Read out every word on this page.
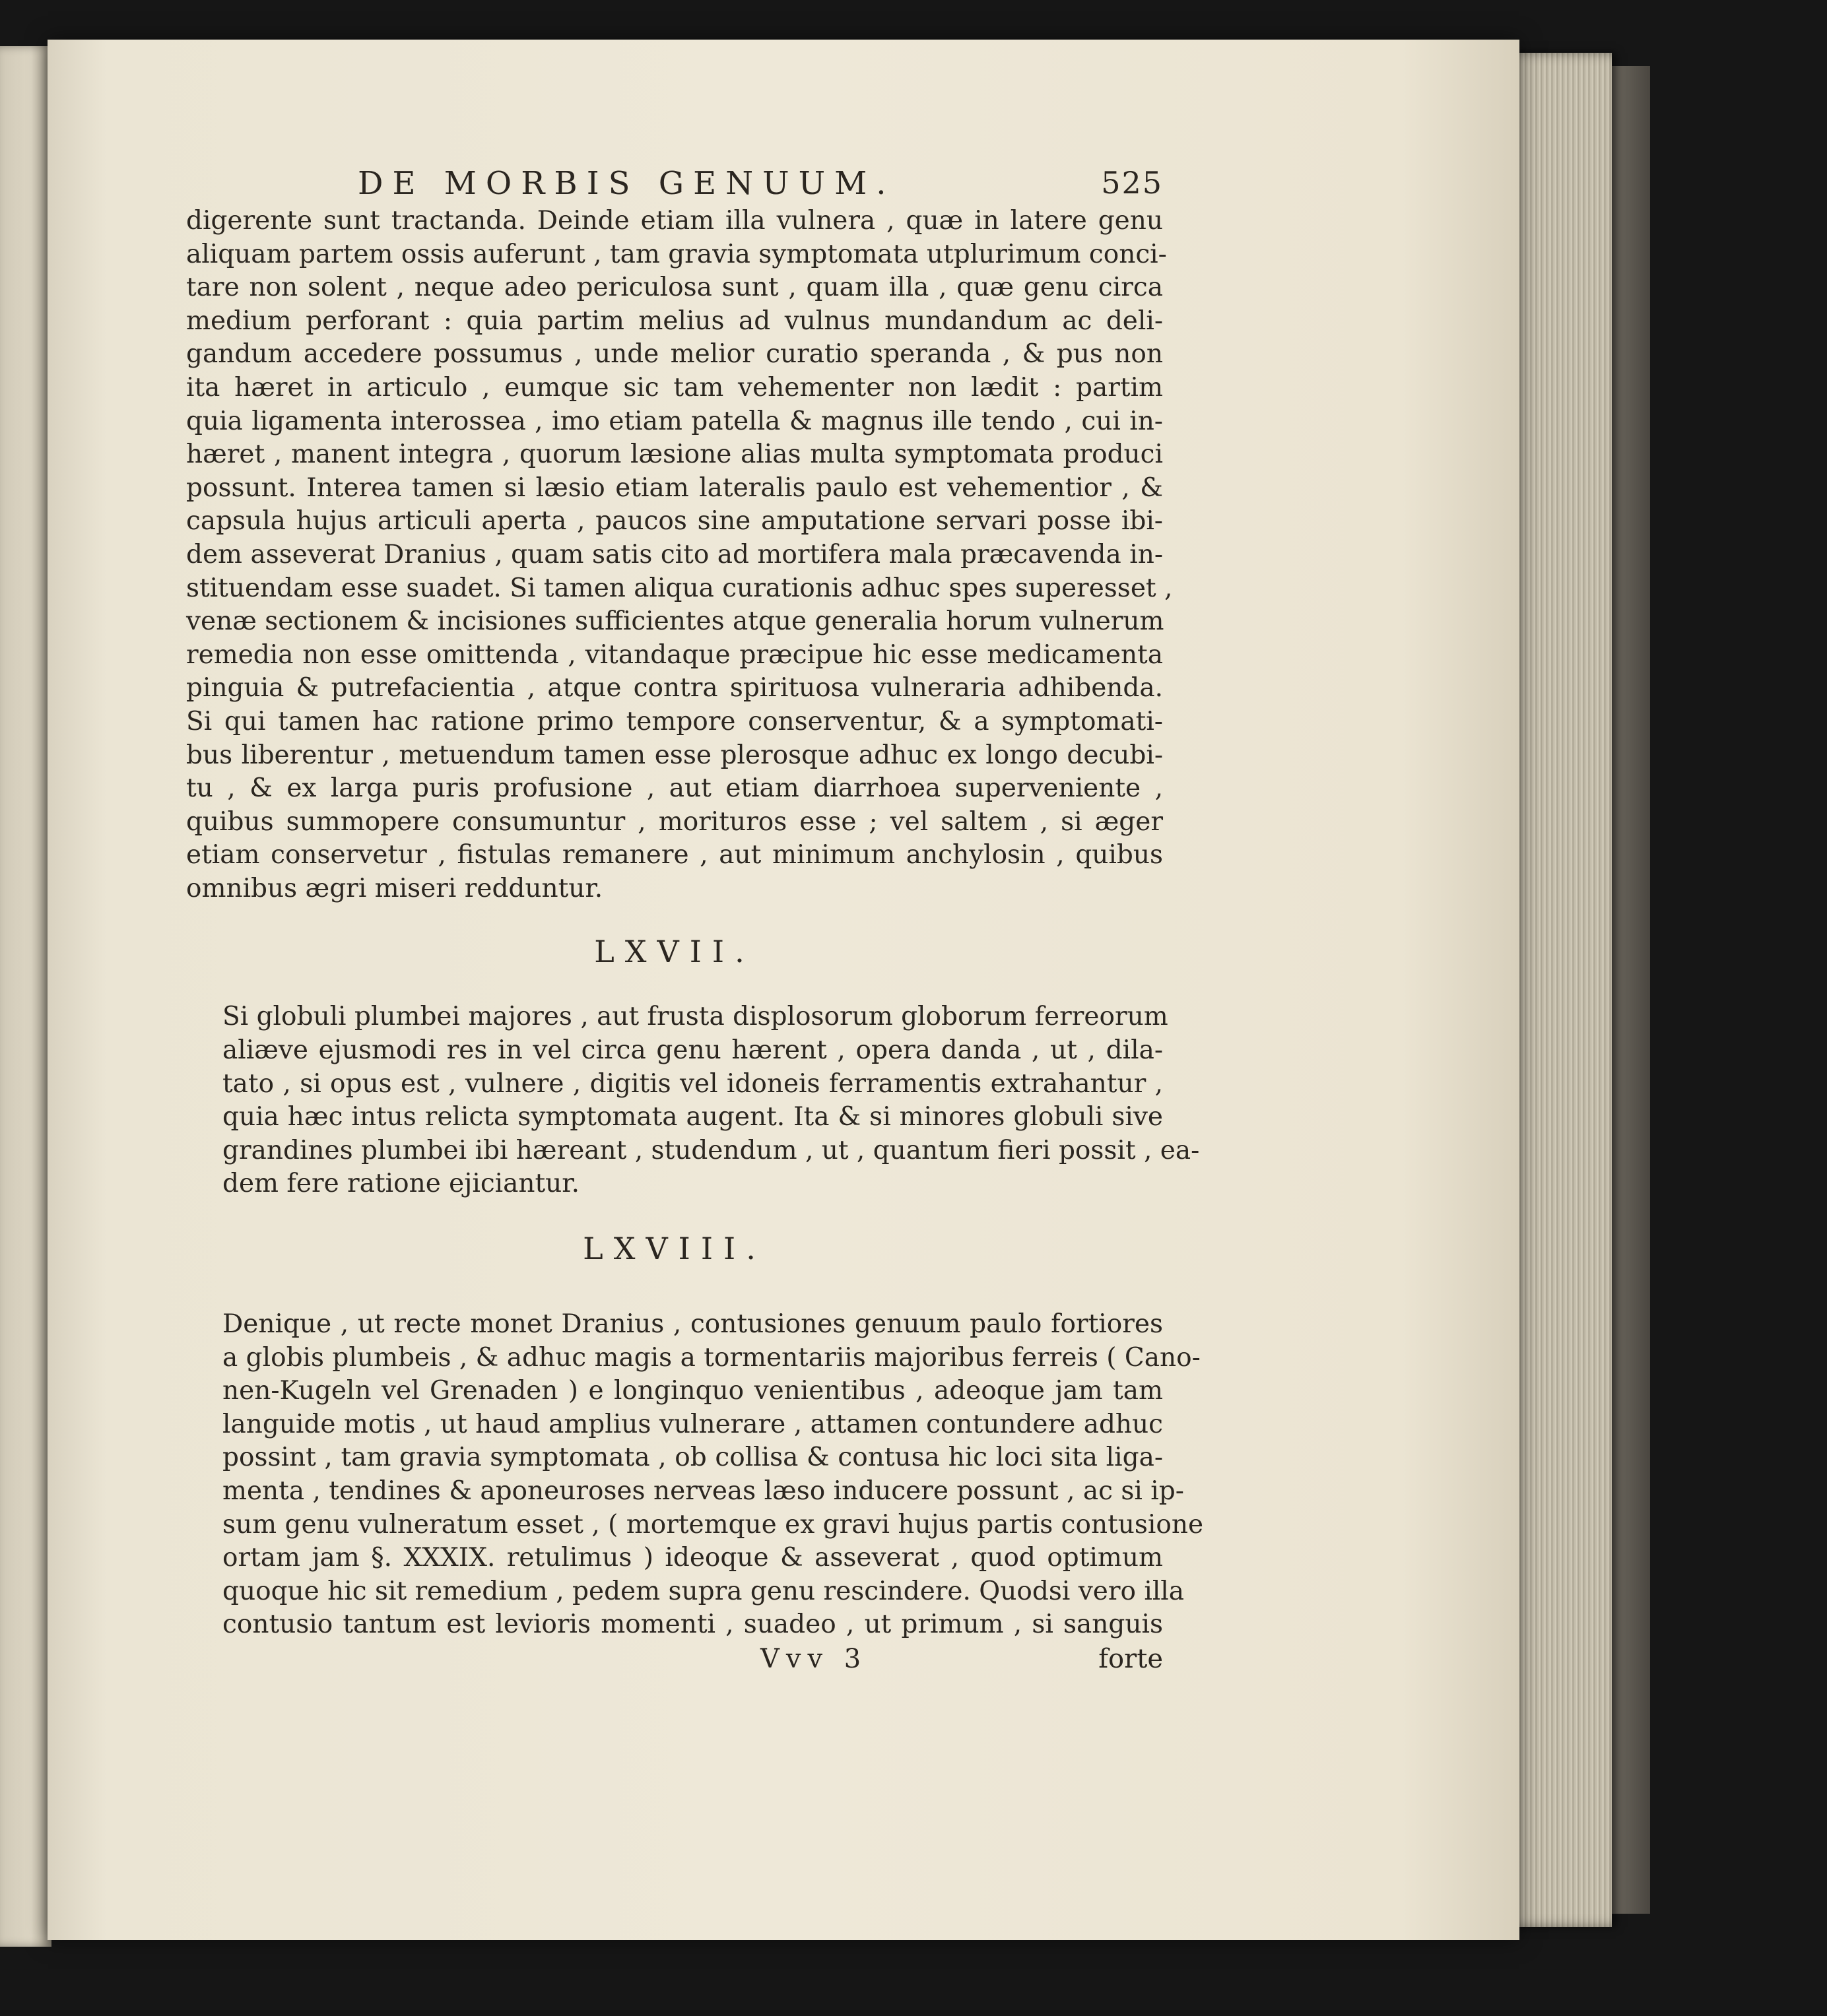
DE MORBIS GENUUM.	525

digerente sunt tractanda. Deinde etiam illa vulnera , quæ in latere genu
aliquam partem ossis auferunt , tam gravia symptomata utplurimum conci-
tare non solent , neque adeo periculosa sunt , quam illa , quæ genu circa
medium perforant : quia partim melius ad vulnus mundandum ac deli-
gandum accedere possumus , unde melior curatio speranda , & pus non
ita hæret in articulo , eumque sic tam vehementer non lædit : partim
quia ligamenta interossea , imo etiam patella & magnus ille tendo , cui in-
hæret , manent integra , quorum læsione alias multa symptomata produci
possunt. Interea tamen si læsio etiam lateralis paulo est vehementior , &
capsula hujus articuli aperta , paucos sine amputatione servari posse ibi-
dem asseverat Dranius , quam satis cito ad mortifera mala præcavenda in-
stituendam esse suadet. Si tamen aliqua curationis adhuc spes superesset ,
venæ sectionem & incisiones sufficientes atque generalia horum vulnerum
remedia non esse omittenda , vitandaque præcipue hic esse medicamenta
pinguia & putrefacientia , atque contra spirituosa vulneraria adhibenda.
Si qui tamen hac ratione primo tempore conserventur, & a symptomati-
bus liberentur , metuendum tamen esse plerosque adhuc ex longo decubi-
tu , & ex larga puris profusione , aut etiam diarrhoea superveniente ,
quibus summopere consumuntur , morituros esse ; vel saltem , si æger
etiam conservetur , fistulas remanere , aut minimum anchylosin , quibus
omnibus ægri miseri redduntur.

LXVII.

Si globuli plumbei majores , aut frusta displosorum globorum ferreorum
aliæve ejusmodi res in vel circa genu hærent , opera danda , ut , dila-
tato , si opus est , vulnere , digitis vel idoneis ferramentis extrahantur ,
quia hæc intus relicta symptomata augent. Ita & si minores globuli sive
grandines plumbei ibi hæreant , studendum , ut , quantum fieri possit , ea-
dem fere ratione ejiciantur.

LXVIII.

Denique , ut recte monet Dranius , contusiones genuum paulo fortiores
a globis plumbeis , & adhuc magis a tormentariis majoribus ferreis ( Cano-
nen-Kugeln vel Grenaden ) e longinquo venientibus , adeoque jam tam
languide motis , ut haud amplius vulnerare , attamen contundere adhuc
possint , tam gravia symptomata , ob collisa & contusa hic loci sita liga-
menta , tendines & aponeuroses nerveas læso inducere possunt , ac si ip-
sum genu vulneratum esset , ( mortemque ex gravi hujus partis contusione
ortam jam §. XXXIX. retulimus ) ideoque & asseverat , quod optimum
quoque hic sit remedium , pedem supra genu rescindere. Quodsi vero illa
contusio tantum est levioris momenti , suadeo , ut primum , si sanguis

Vvv 3	forte
